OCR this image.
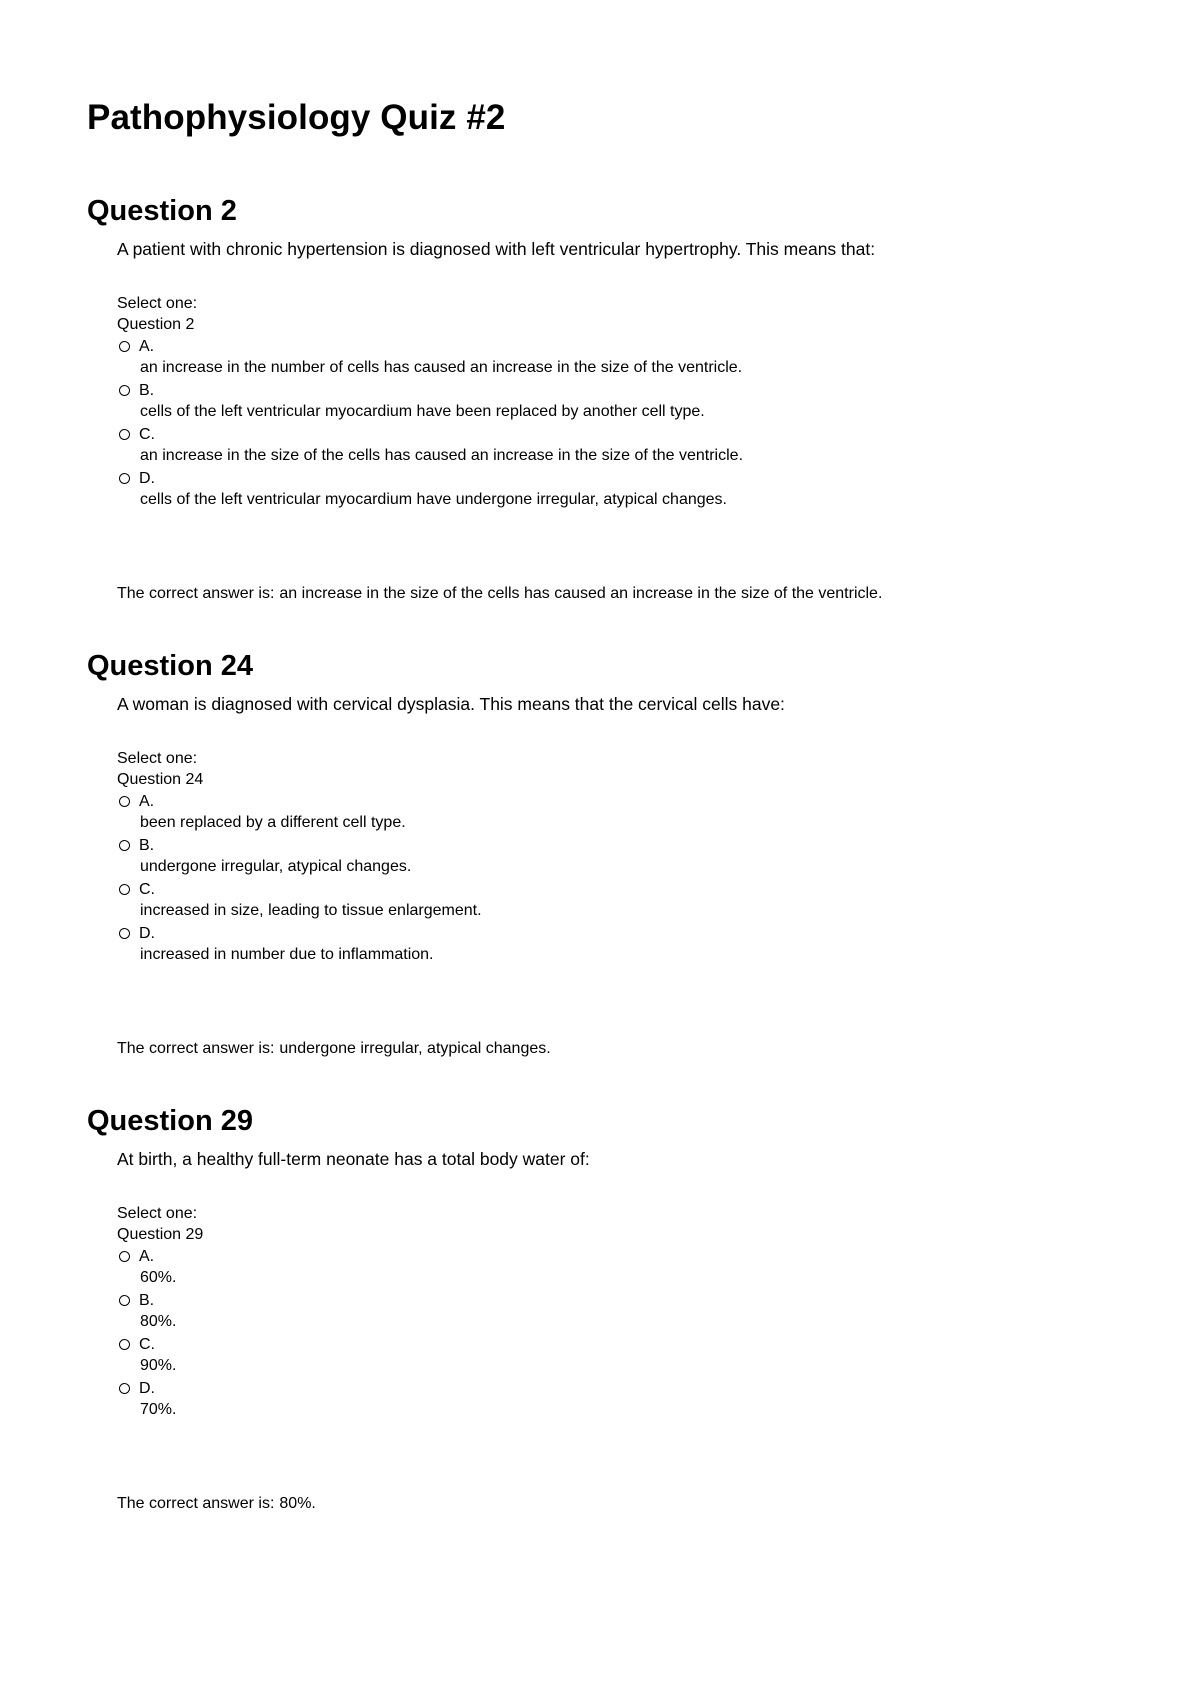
Pathophysiology Quiz #2
Question 2
A patient with chronic hypertension is diagnosed with left ventricular hypertrophy. This means that:
Select one:
Question 2
A.
an increase in the number of cells has caused an increase in the size of the ventricle.
B.
cells of the left ventricular myocardium have been replaced by another cell type.
C.
an increase in the size of the cells has caused an increase in the size of the ventricle.
D.
cells of the left ventricular myocardium have undergone irregular, atypical changes.
The correct answer is: an increase in the size of the cells has caused an increase in the size of the ventricle.
Question 24
A woman is diagnosed with cervical dysplasia. This means that the cervical cells have:
Select one:
Question 24
A.
been replaced by a different cell type.
B.
undergone irregular, atypical changes.
C.
increased in size, leading to tissue enlargement.
D.
increased in number due to inflammation.
The correct answer is: undergone irregular, atypical changes.
Question 29
At birth, a healthy full-term neonate has a total body water of:
Select one:
Question 29
A.
60%.
B.
80%.
C.
90%.
D.
70%.
The correct answer is: 80%.
